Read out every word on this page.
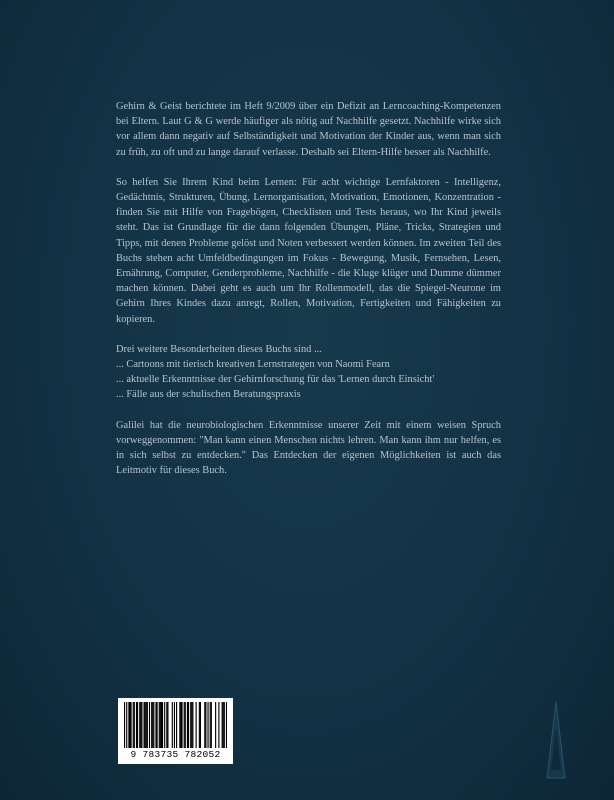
Gehirn & Geist berichtete im Heft 9/2009 über ein Defizit an Lerncoaching-Kompetenzen bei Eltern. Laut G & G werde häufiger als nötig auf Nachhilfe gesetzt. Nachhilfe wirke sich vor allem dann negativ auf Selbständigkeit und Motivation der Kinder aus, wenn man sich zu früh, zu oft und zu lange darauf verlasse. Deshalb sei Eltern-Hilfe besser als Nachhilfe.

So helfen Sie Ihrem Kind beim Lernen: Für acht wichtige Lernfaktoren - Intelligenz, Gedächtnis, Strukturen, Übung, Lernorganisation, Motivation, Emotionen, Konzentration - finden Sie mit Hilfe von Fragebögen, Checklisten und Tests heraus, wo Ihr Kind jeweils steht. Das ist Grundlage für die dann folgenden Übungen, Pläne, Tricks, Strategien und Tipps, mit denen Probleme gelöst und Noten verbessert werden können. Im zweiten Teil des Buchs stehen acht Umfeldbedingungen im Fokus - Bewegung, Musik, Fernsehen, Lesen, Ernährung, Computer, Genderprobleme, Nachhilfe - die Kluge klüger und Dumme dümmer machen können. Dabei geht es auch um Ihr Rollenmodell, das die Spiegel-Neurone im Gehirn Ihres Kindes dazu anregt, Rollen, Motivation, Fertigkeiten und Fähigkeiten zu kopieren.

Drei weitere Besonderheiten dieses Buchs sind ...
... Cartoons mit tierisch kreativen Lernstrategen von Naomi Fearn
... aktuelle Erkenntnisse der Gehirnforschung für das 'Lernen durch Einsicht'
... Fälle aus der schulischen Beratungspraxis

Galilei hat die neurobiologischen Erkenntnisse unserer Zeit mit einem weisen Spruch vorweggenommen: "Man kann einen Menschen nichts lehren. Man kann ihm nur helfen, es in sich selbst zu entdecken." Das Entdecken der eigenen Möglichkeiten ist auch das Leitmotiv für dieses Buch.

9 783735 782052
